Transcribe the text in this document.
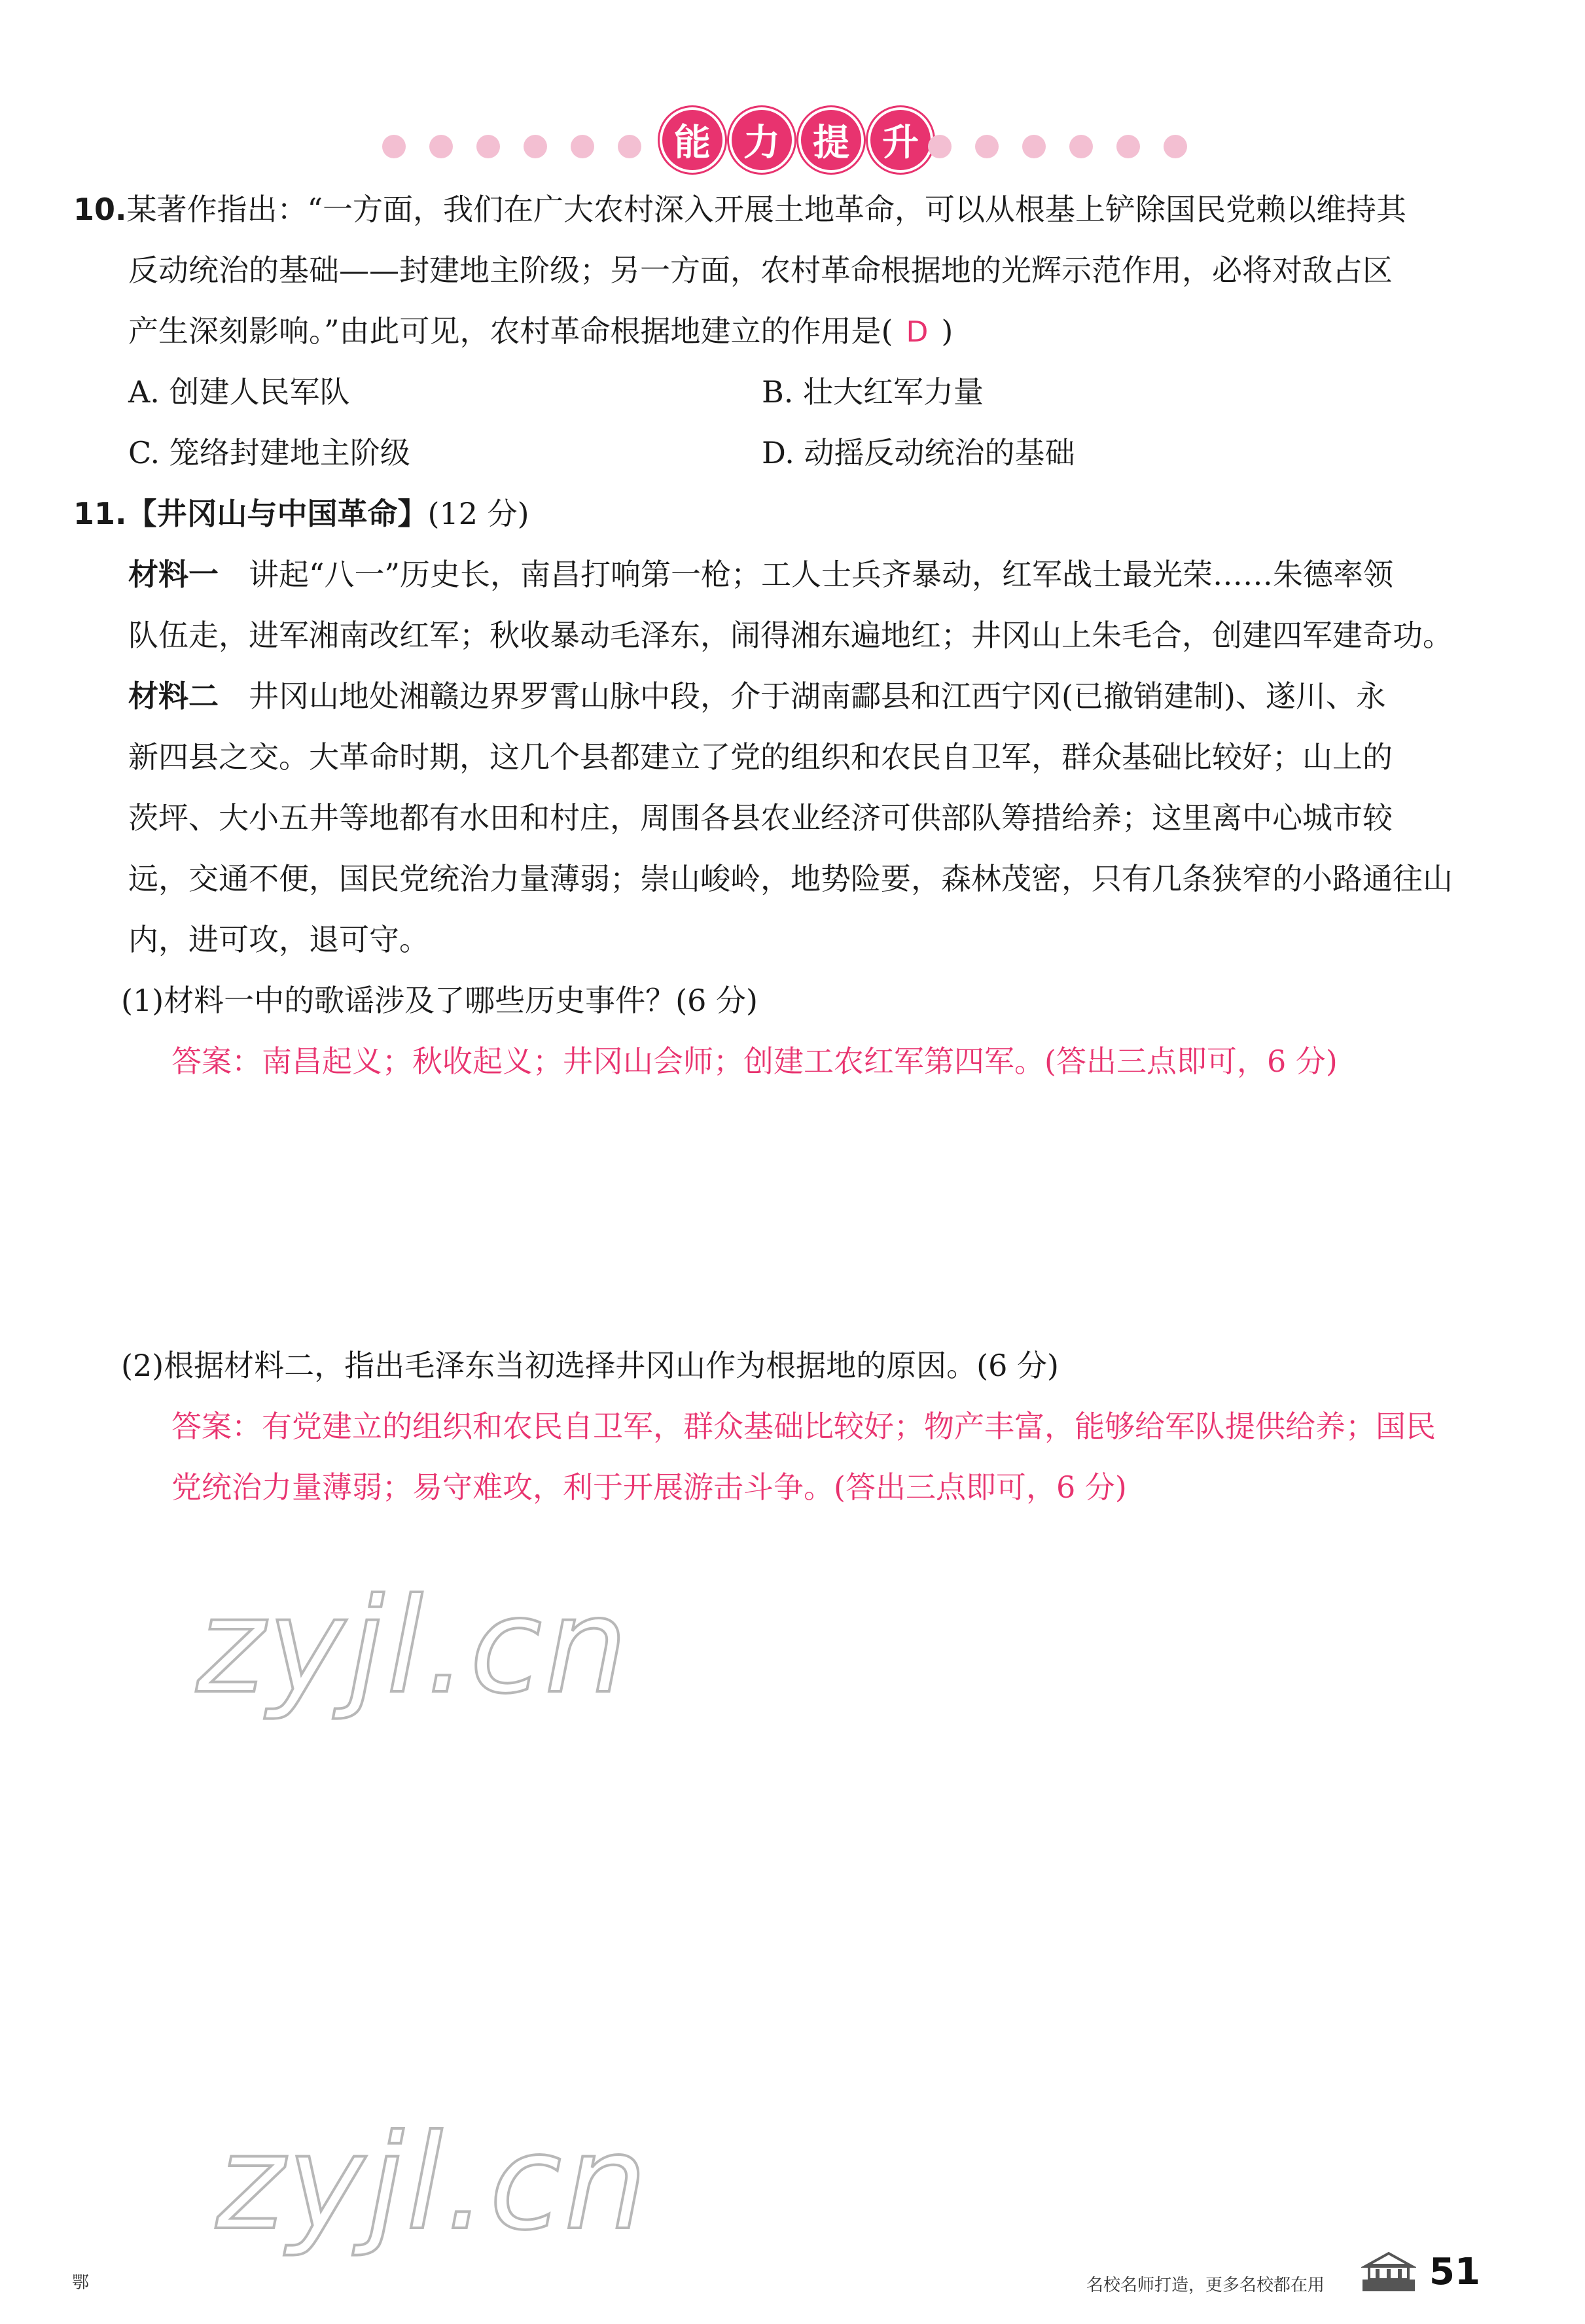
能 力 提 升
10.某著作指出：“一方面，我们在广大农村深入开展土地革命，可以从根基上铲除国民党赖以维持其
反动统治的基础——封建地主阶级；另一方面，农村革命根据地的光辉示范作用，必将对敌占区
产生深刻影响。”由此可见，农村革命根据地建立的作用是( D )
A. 创建人民军队	B. 壮大红军力量
C. 笼络封建地主阶级	D. 动摇反动统治的基础
11.【井冈山与中国革命】(12 分)
材料一  讲起“八一”历史长，南昌打响第一枪；工人士兵齐暴动，红军战士最光荣……朱德率领
队伍走，进军湘南改红军；秋收暴动毛泽东，闹得湘东遍地红；井冈山上朱毛合，创建四军建奇功。
材料二  井冈山地处湘赣边界罗霄山脉中段，介于湖南酃县和江西宁冈(已撤销建制)、遂川、永
新四县之交。大革命时期，这几个县都建立了党的组织和农民自卫军，群众基础比较好；山上的
茨坪、大小五井等地都有水田和村庄，周围各县农业经济可供部队筹措给养；这里离中心城市较
远，交通不便，国民党统治力量薄弱；崇山峻岭，地势险要，森林茂密，只有几条狭窄的小路通往山
内，进可攻，退可守。
(1)材料一中的歌谣涉及了哪些历史事件？(6 分)
答案：南昌起义；秋收起义；井冈山会师；创建工农红军第四军。(答出三点即可，6 分)
(2)根据材料二，指出毛泽东当初选择井冈山作为根据地的原因。(6 分)
答案：有党建立的组织和农民自卫军，群众基础比较好；物产丰富，能够给军队提供给养；国民
党统治力量薄弱；易守难攻，利于开展游击斗争。(答出三点即可，6 分)
zyjl.cn
zyjl.cn
鄂	名校名师打造，更多名校都在用	51
